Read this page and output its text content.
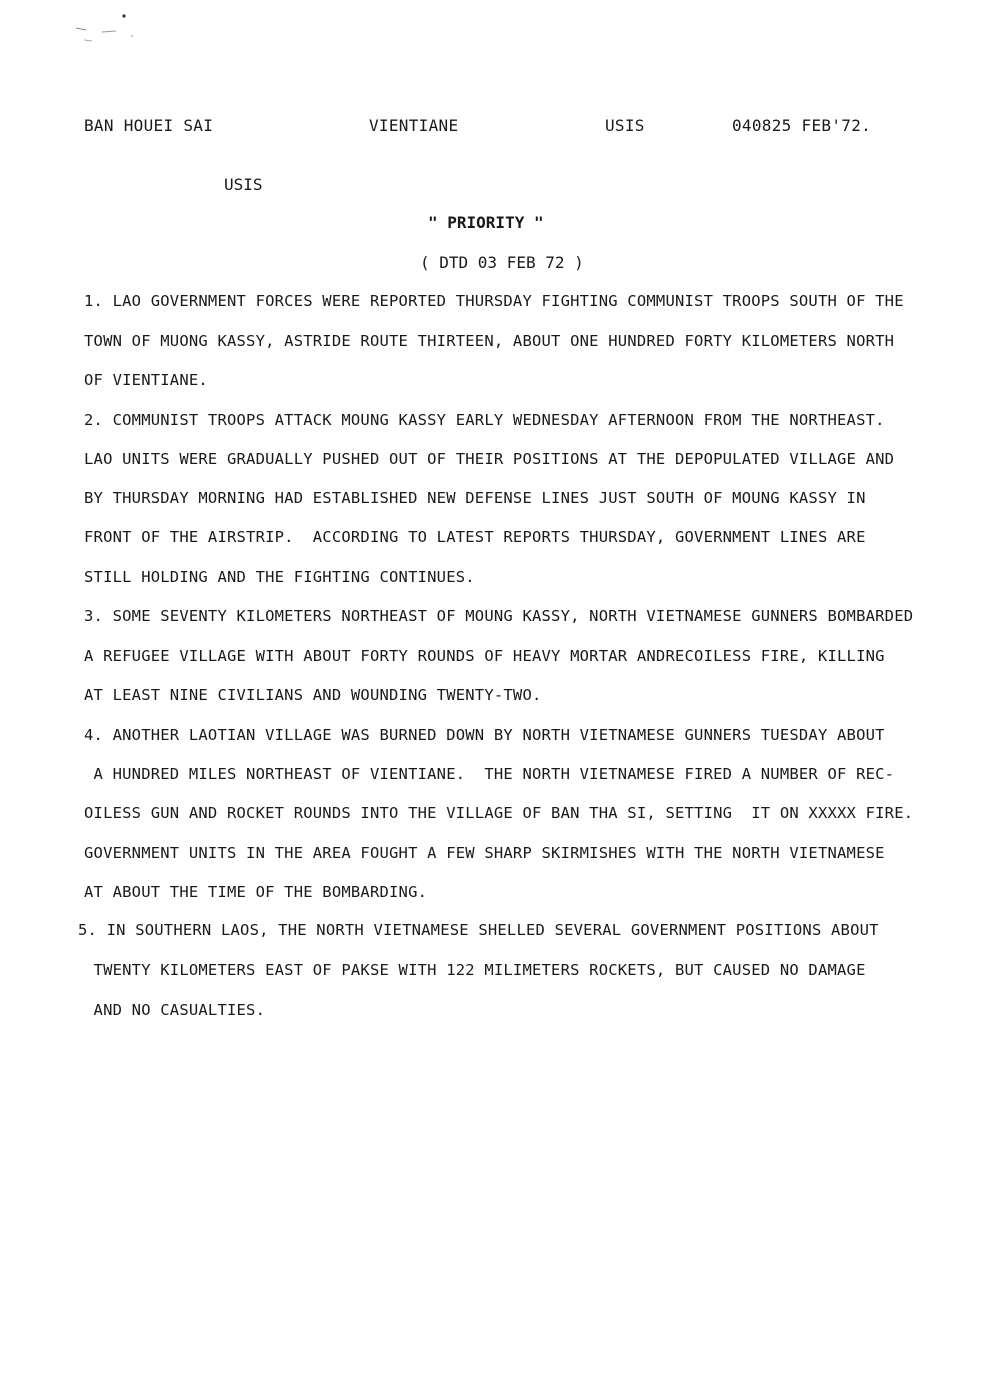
BAN HOUEI SAI	VIENTIANE	USIS	040825 FEB'72.
USIS
" PRIORITY "
( DTD 03 FEB 72 )
1. LAO GOVERNMENT FORCES WERE REPORTED THURSDAY FIGHTING COMMUNIST TROOPS SOUTH OF THE
TOWN OF MUONG KASSY, ASTRIDE ROUTE THIRTEEN, ABOUT ONE HUNDRED FORTY KILOMETERS NORTH
OF VIENTIANE.
2. COMMUNIST TROOPS ATTACK MOUNG KASSY EARLY WEDNESDAY AFTERNOON FROM THE NORTHEAST.
LAO UNITS WERE GRADUALLY PUSHED OUT OF THEIR POSITIONS AT THE DEPOPULATED VILLAGE AND
BY THURSDAY MORNING HAD ESTABLISHED NEW DEFENSE LINES JUST SOUTH OF MOUNG KASSY IN
FRONT OF THE AIRSTRIP.  ACCORDING TO LATEST REPORTS THURSDAY, GOVERNMENT LINES ARE
STILL HOLDING AND THE FIGHTING CONTINUES.
3. SOME SEVENTY KILOMETERS NORTHEAST OF MOUNG KASSY, NORTH VIETNAMESE GUNNERS BOMBARDED
A REFUGEE VILLAGE WITH ABOUT FORTY ROUNDS OF HEAVY MORTAR ANDRECOILESS FIRE, KILLING
AT LEAST NINE CIVILIANS AND WOUNDING TWENTY-TWO.
4. ANOTHER LAOTIAN VILLAGE WAS BURNED DOWN BY NORTH VIETNAMESE GUNNERS TUESDAY ABOUT
A HUNDRED MILES NORTHEAST OF VIENTIANE.  THE NORTH VIETNAMESE FIRED A NUMBER OF REC-
OILESS GUN AND ROCKET ROUNDS INTO THE VILLAGE OF BAN THA SI, SETTING  IT ON XXXXX FIRE.
GOVERNMENT UNITS IN THE AREA FOUGHT A FEW SHARP SKIRMISHES WITH THE NORTH VIETNAMESE
AT ABOUT THE TIME OF THE BOMBARDING.
5. IN SOUTHERN LAOS, THE NORTH VIETNAMESE SHELLED SEVERAL GOVERNMENT POSITIONS ABOUT
TWENTY KILOMETERS EAST OF PAKSE WITH 122 MILIMETERS ROCKETS, BUT CAUSED NO DAMAGE
AND NO CASUALTIES.
